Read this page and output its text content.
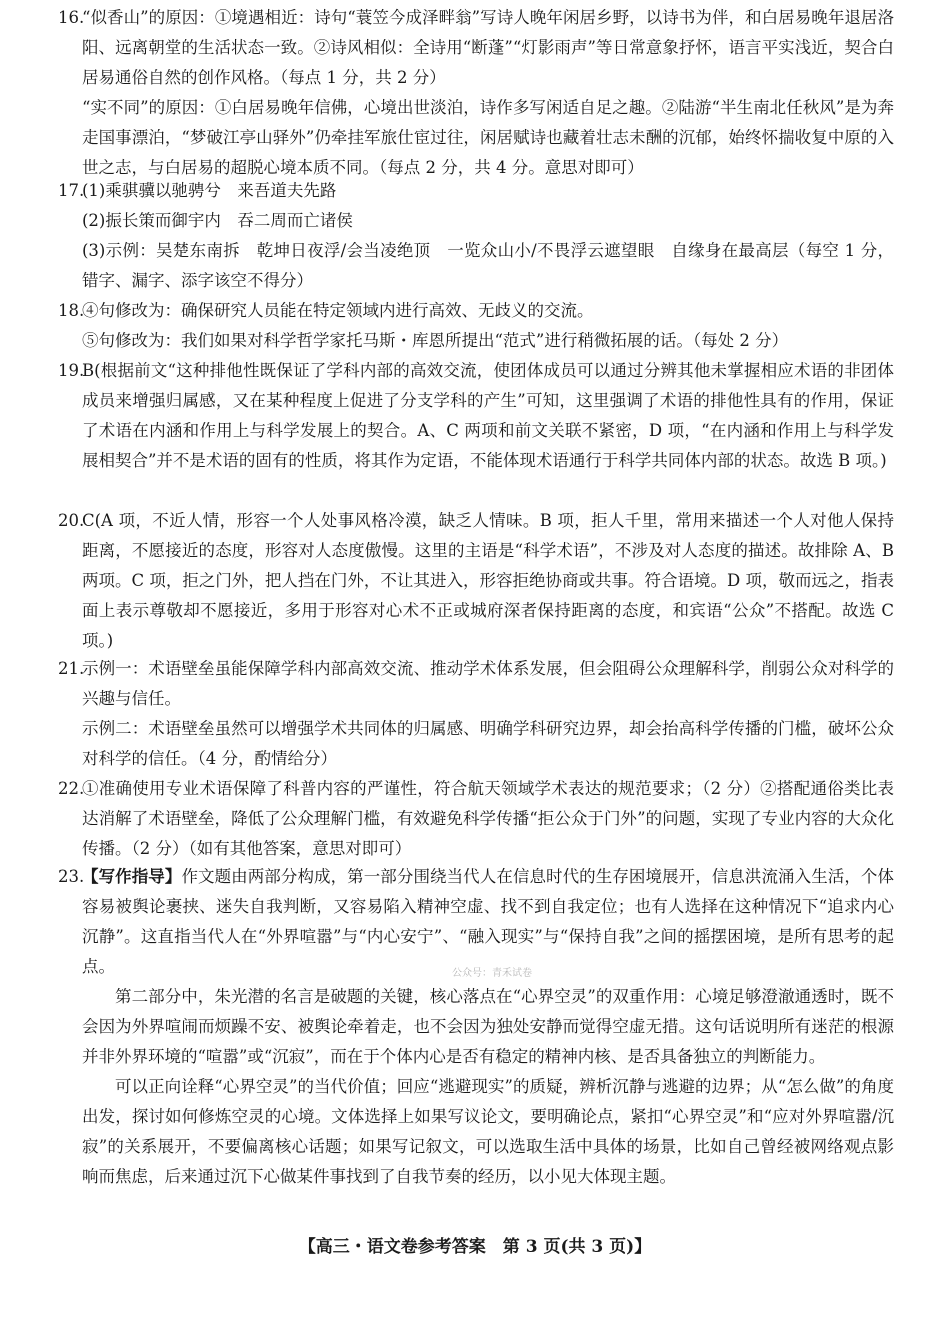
16.
“似香山”的原因：①境遇相近：诗句“蓑笠今成泽畔翁”写诗人晚年闲居乡野，以诗书为伴，和白居易晚年退居洛阳、远离朝堂的生活状态一致。②诗风相似：全诗用“断蓬”“灯影雨声”等日常意象抒怀，语言平实浅近，契合白居易通俗自然的创作风格。（每点 1 分，共 2 分）
“实不同”的原因：①白居易晚年信佛，心境出世淡泊，诗作多写闲适自足之趣。②陆游“半生南北任秋风”是为奔走国事漂泊，“梦破江亭山驿外”仍牵挂军旅仕宦过往，闲居赋诗也藏着壮志未酬的沉郁，始终怀揣收复中原的入世之志，与白居易的超脱心境本质不同。（每点 2 分，共 4 分。意思对即可）
17.
(1)乘骐骥以驰骋兮　来吾道夫先路
(2)振长策而御宇内　吞二周而亡诸侯
(3)示例：吴楚东南拆　乾坤日夜浮/会当凌绝顶　一览众山小/不畏浮云遮望眼　自缘身在最高层（每空 1 分，错字、漏字、添字该空不得分）
18.
④句修改为：确保研究人员能在特定领域内进行高效、无歧义的交流。
⑤句修改为：我们如果对科学哲学家托马斯・库恩所提出“范式”进行稍微拓展的话。（每处 2 分）
19.
B(根据前文“这种排他性既保证了学科内部的高效交流，使团体成员可以通过分辨其他未掌握相应术语的非团体成员来增强归属感，又在某种程度上促进了分支学科的产生”可知，这里强调了术语的排他性具有的作用，保证了术语在内涵和作用上与科学发展上的契合。A、C 两项和前文关联不紧密，D 项，“在内涵和作用上与科学发展相契合”并不是术语的固有的性质，将其作为定语，不能体现术语通行于科学共同体内部的状态。故选 B 项。)
20.
C(A 项，不近人情，形容一个人处事风格冷漠，缺乏人情味。B 项，拒人千里，常用来描述一个人对他人保持距离，不愿接近的态度，形容对人态度傲慢。这里的主语是“科学术语”，不涉及对人态度的描述。故排除 A、B 两项。C 项，拒之门外，把人挡在门外，不让其进入，形容拒绝协商或共事。符合语境。D 项，敬而远之，指表面上表示尊敬却不愿接近，多用于形容对心术不正或城府深者保持距离的态度，和宾语“公众”不搭配。故选 C 项。)
21.
示例一：术语壁垒虽能保障学科内部高效交流、推动学术体系发展，但会阻碍公众理解科学，削弱公众对科学的兴趣与信任。
示例二：术语壁垒虽然可以增强学术共同体的归属感、明确学科研究边界，却会抬高科学传播的门槛，破坏公众对科学的信任。（4 分，酌情给分）
22.
①准确使用专业术语保障了科普内容的严谨性，符合航天领域学术表达的规范要求；（2 分）②搭配通俗类比表达消解了术语壁垒，降低了公众理解门槛，有效避免科学传播“拒公众于门外”的问题，实现了专业内容的大众化传播。（2 分）（如有其他答案，意思对即可）
23.
【写作指导】作文题由两部分构成，第一部分围绕当代人在信息时代的生存困境展开，信息洪流涌入生活，个体容易被舆论裹挟、迷失自我判断，又容易陷入精神空虚、找不到自我定位；也有人选择在这种情况下“追求内心沉静”。这直指当代人在“外界喧嚣”与“内心安宁”、“融入现实”与“保持自我”之间的摇摆困境，是所有思考的起点。
第二部分中，朱光潜的名言是破题的关键，核心落点在“心界空灵”的双重作用：心境足够澄澈通透时，既不会因为外界喧闹而烦躁不安、被舆论牵着走，也不会因为独处安静而觉得空虚无措。这句话说明所有迷茫的根源并非外界环境的“喧嚣”或“沉寂”，而在于个体内心是否有稳定的精神内核、是否具备独立的判断能力。
可以正向诠释“心界空灵”的当代价值；回应“逃避现实”的质疑，辨析沉静与逃避的边界；从“怎么做”的角度出发，探讨如何修炼空灵的心境。文体选择上如果写议论文，要明确论点，紧扣“心界空灵”和“应对外界喧嚣/沉寂”的关系展开，不要偏离核心话题；如果写记叙文，可以选取生活中具体的场景，比如自己曾经被网络观点影响而焦虑，后来通过沉下心做某件事找到了自我节奏的经历，以小见大体现主题。
公众号：青禾试卷
【高三・语文卷参考答案　第 3 页(共 3 页)】
